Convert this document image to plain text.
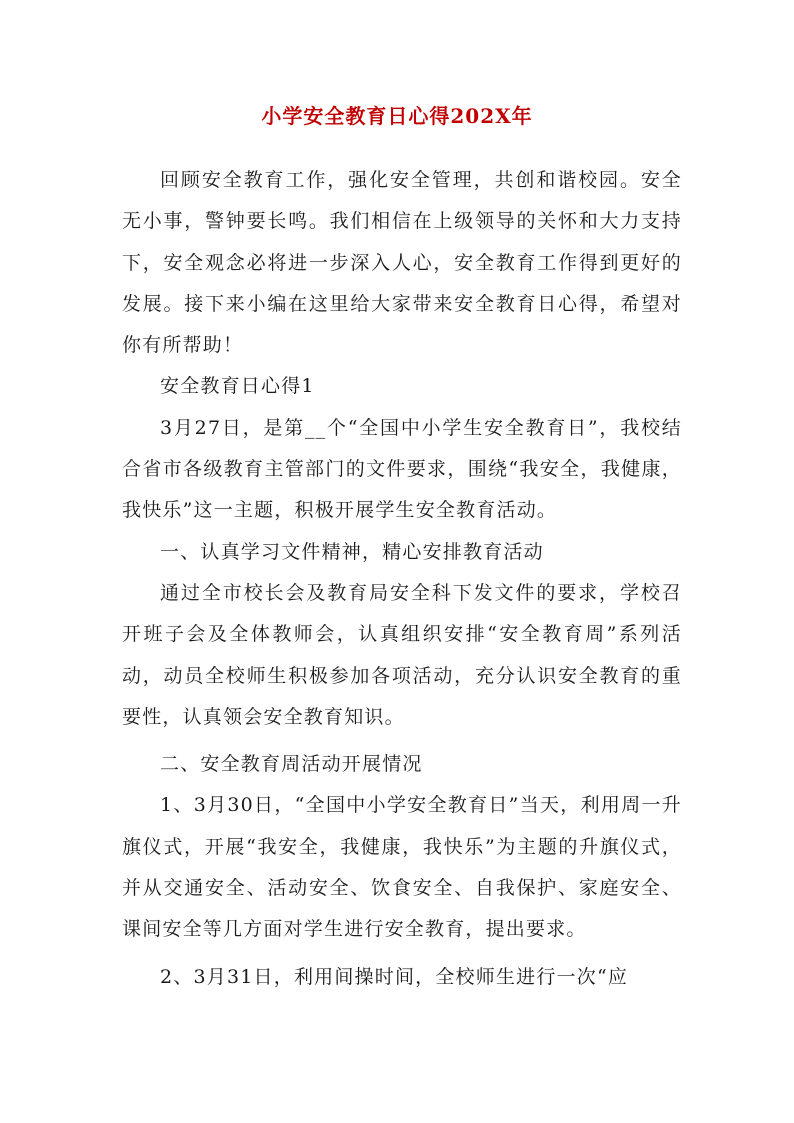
小学安全教育日心得202X年

回顾安全教育工作，强化安全管理，共创和谐校园。安全无小事，警钟要长鸣。我们相信在上级领导的关怀和大力支持下，安全观念必将进一步深入人心，安全教育工作得到更好的发展。接下来小编在这里给大家带来安全教育日心得，希望对你有所帮助！

安全教育日心得1

3月27日，是第__个“全国中小学生安全教育日”，我校结合省市各级教育主管部门的文件要求，围绕“我安全，我健康，我快乐”这一主题，积极开展学生安全教育活动。

一、认真学习文件精神，精心安排教育活动

通过全市校长会及教育局安全科下发文件的要求，学校召开班子会及全体教师会，认真组织安排“安全教育周”系列活动，动员全校师生积极参加各项活动，充分认识安全教育的重要性，认真领会安全教育知识。

二、安全教育周活动开展情况

1、3月30日，“全国中小学安全教育日”当天，利用周一升旗仪式，开展“我安全，我健康，我快乐”为主题的升旗仪式，并从交通安全、活动安全、饮食安全、自我保护、家庭安全、课间安全等几方面对学生进行安全教育，提出要求。

2、3月31日，利用间操时间，全校师生进行一次“应
